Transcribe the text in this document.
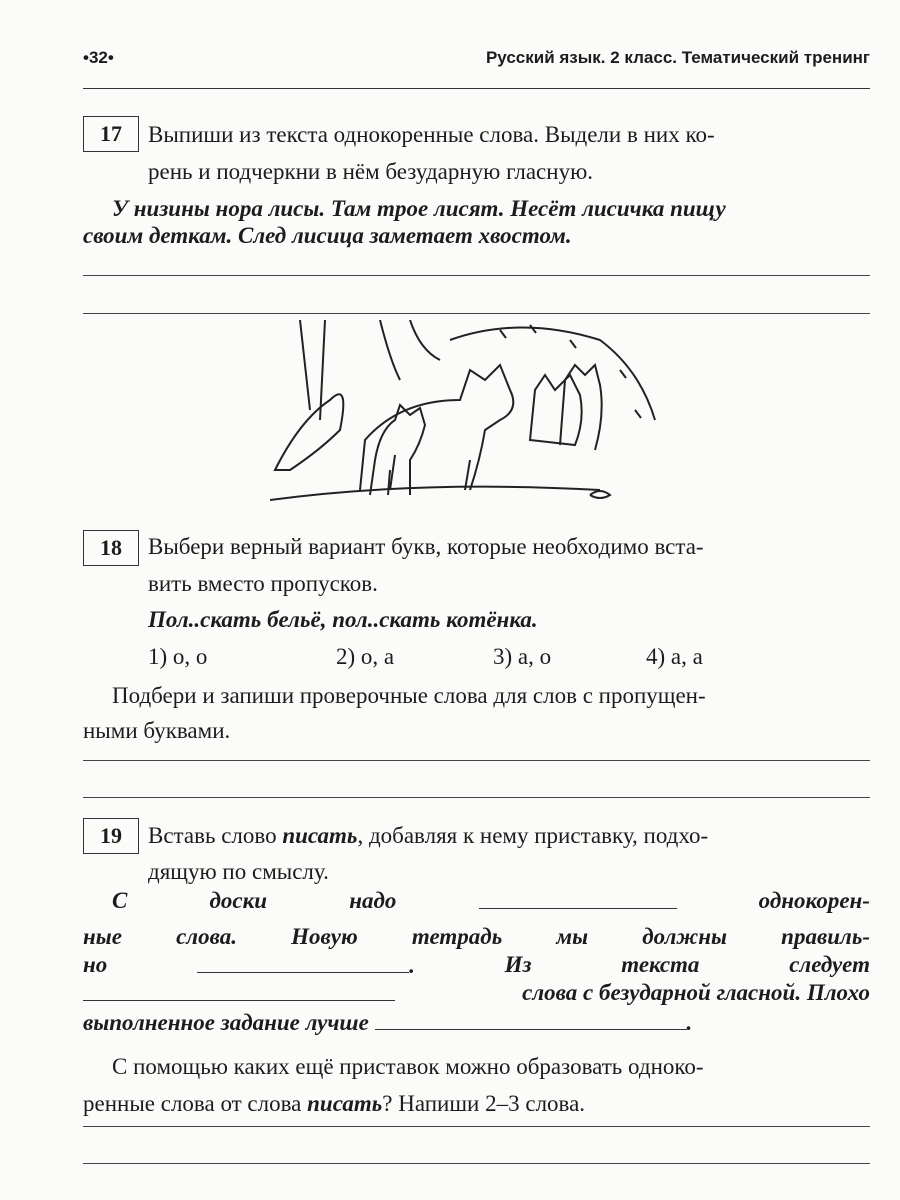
•32•	Русский язык. 2 класс. Тематический тренинг
17	Выпиши из текста однокоренные слова. Выдели в них ко-
рень и подчеркни в нём безударную гласную.
У низины нора лисы. Там трое лисят. Несёт лисичка пищу
своим деткам. След лисица заметает хвостом.
18	Выбери верный вариант букв, которые необходимо вста-
вить вместо пропусков.
Пол..скать бельё, пол..скать котёнка.
1) о, о	2) о, а	3) а, о	4) а, а
Подбери и запиши проверочные слова для слов с пропущен-
ными буквами.
19	Вставь слово писать, добавляя к нему приставку, подхо-
дящую по смыслу.
С	доски	надо	однокорен-
ные слова. Новую тетрадь мы должны правиль-
но	.	Из	текста	следует
слова с безударной гласной. Плохо
выполненное задание лучше	.
С помощью каких ещё приставок можно образовать однoко-
ренные слова от слова писать? Напиши 2–3 слова.
